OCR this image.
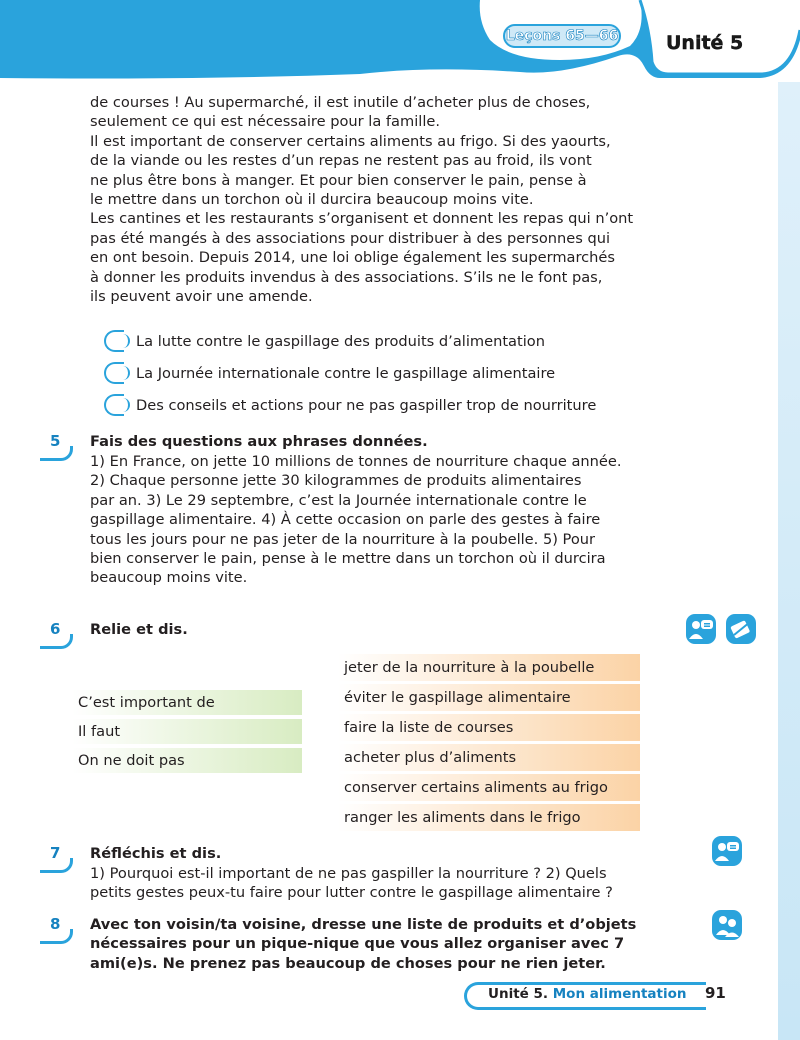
Leçons 65—66	Unité 5
de courses ! Au supermarché, il est inutile d’acheter plus de choses,
seulement ce qui est nécessaire pour la famille.
Il est important de conserver certains aliments au frigo. Si des yaourts,
de la viande ou les restes d’un repas ne restent pas au froid, ils vont
ne plus être bons à manger. Et pour bien conserver le pain, pense à
le mettre dans un torchon où il durcira beaucoup moins vite.
Les cantines et les restaurants s’organisent et donnent les repas qui n’ont
pas été mangés à des associations pour distribuer à des personnes qui
en ont besoin. Depuis 2014, une loi oblige également les supermarchés
à donner les produits invendus à des associations. S’ils ne le font pas,
ils peuvent avoir une amende.
La lutte contre le gaspillage des produits d’alimentation
La Journée internationale contre le gaspillage alimentaire
Des conseils et actions pour ne pas gaspiller trop de nourriture
5 Fais des questions aux phrases données.
1) En France, on jette 10 millions de tonnes de nourriture chaque année.
2) Chaque personne jette 30 kilogrammes de produits alimentaires
par an. 3) Le 29 septembre, c’est la Journée internationale contre le
gaspillage alimentaire. 4) À cette occasion on parle des gestes à faire
tous les jours pour ne pas jeter de la nourriture à la poubelle. 5) Pour
bien conserver le pain, pense à le mettre dans un torchon où il durcira
beaucoup moins vite.
6 Relie et dis.
C’est important de
Il faut
On ne doit pas
jeter de la nourriture à la poubelle
éviter le gaspillage alimentaire
faire la liste de courses
acheter plus d’aliments
conserver certains aliments au frigo
ranger les aliments dans le frigo
7 Réfléchis et dis.
1) Pourquoi est-il important de ne pas gaspiller la nourriture ? 2) Quels
petits gestes peux-tu faire pour lutter contre le gaspillage alimentaire ?
8 Avec ton voisin/ta voisine, dresse une liste de produits et d’objets
nécessaires pour un pique-nique que vous allez organiser avec 7
ami(e)s. Ne prenez pas beaucoup de choses pour ne rien jeter.
Unité 5. Mon alimentation 91
